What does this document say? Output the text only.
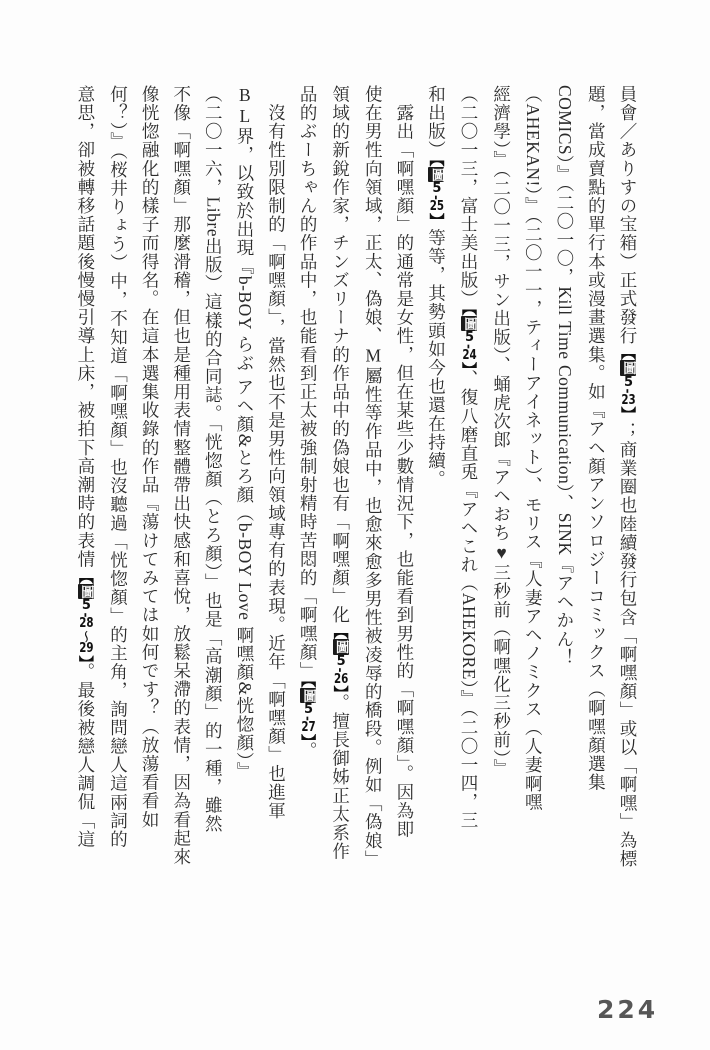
員會／ありすの宝箱）正式發行【圖5-23】；商業圈也陸續發行包含「啊嘿顏」或以「啊嘿」為標
題，當成賣點的單行本或漫畫選集。如『アヘ顏アンソロジーコミックス（啊嘿顏選集
COMICS）』（二〇一〇，Kill Time Communication）、SINK『アヘかん！
（AHEKAN!）』（二〇一一，ティーアイネット）、モリス『人妻アヘノミクス（人妻啊嘿
經濟學）』（二〇一三，サン出版）、蛹虎次郎『アヘおち♥三秒前（啊嘿化三秒前）』
（二〇一三，富士美出版）【圖5-24】、復八磨直兎『アヘこれ（AHEKORE）』（二〇一四，三
和出版）【圖5-25】等等，其勢頭如今也還在持續。
　露出「啊嘿顏」的通常是女性，但在某些少數情況下，也能看到男性的「啊嘿顏」。因為即
使在男性向領域，正太、偽娘、M屬性等作品中，也愈來愈多男性被凌辱的橋段。例如「偽娘」
領域的新銳作家，チンズリーナ的作品中的偽娘也有「啊嘿顏」化【圖5-26】。擅長御姊正太系作
品的ぶーちゃん的作品中，也能看到正太被強制射精時苦悶的「啊嘿顏」【圖5-27】。
　沒有性別限制的「啊嘿顏」，當然也不是男性向領域專有的表現。近年「啊嘿顏」也進軍
BL界，以致於出現『b-BOY らぶ アヘ顏&とろ顏（b-BOY Love 啊嘿顏&恍惚顏）』
（二〇一六，Libre出版）這樣的合同誌。「恍惚顏（とろ顏）」也是「高潮顏」的一種，雖然
不像「啊嘿顏」那麼滑稽，但也是種用表情整體帶出快感和喜悅，放鬆呆滯的表情，因為看起來
像恍惚融化的樣子而得名。在這本選集收錄的作品『蕩けてみては如何です？（放蕩看看如
何？）』（桜井りょう）中，不知道「啊嘿顏」也沒聽過「恍惚顏」的主角，詢問戀人這兩詞的
意思，卻被轉移話題後慢慢引導上床，被拍下高潮時的表情【圖5-28〜29】。最後被戀人調侃「這
224
